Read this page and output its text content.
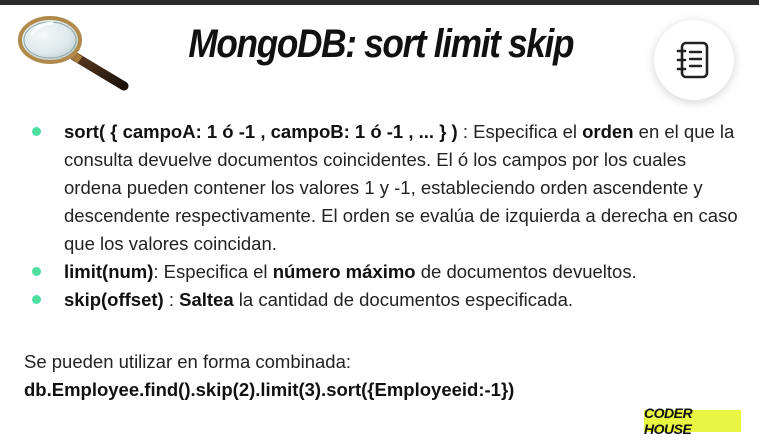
MongoDB: sort limit skip
sort( { campoA: 1 ó -1 , campoB: 1 ó -1 , ... } ) : Especifica el orden en el que la consulta devuelve documentos coincidentes. El ó los campos por los cuales ordena pueden contener los valores 1 y -1, estableciendo orden ascendente y descendente respectivamente. El orden se evalúa de izquierda a derecha en caso que los valores coincidan.
limit(num): Especifica el número máximo de documentos devueltos.
skip(offset) : Saltea la cantidad de documentos especificada.

Se pueden utilizar en forma combinada:

db.Employee.find().skip(2).limit(3).sort({Employeeid:-1})

CODER HOUSE
